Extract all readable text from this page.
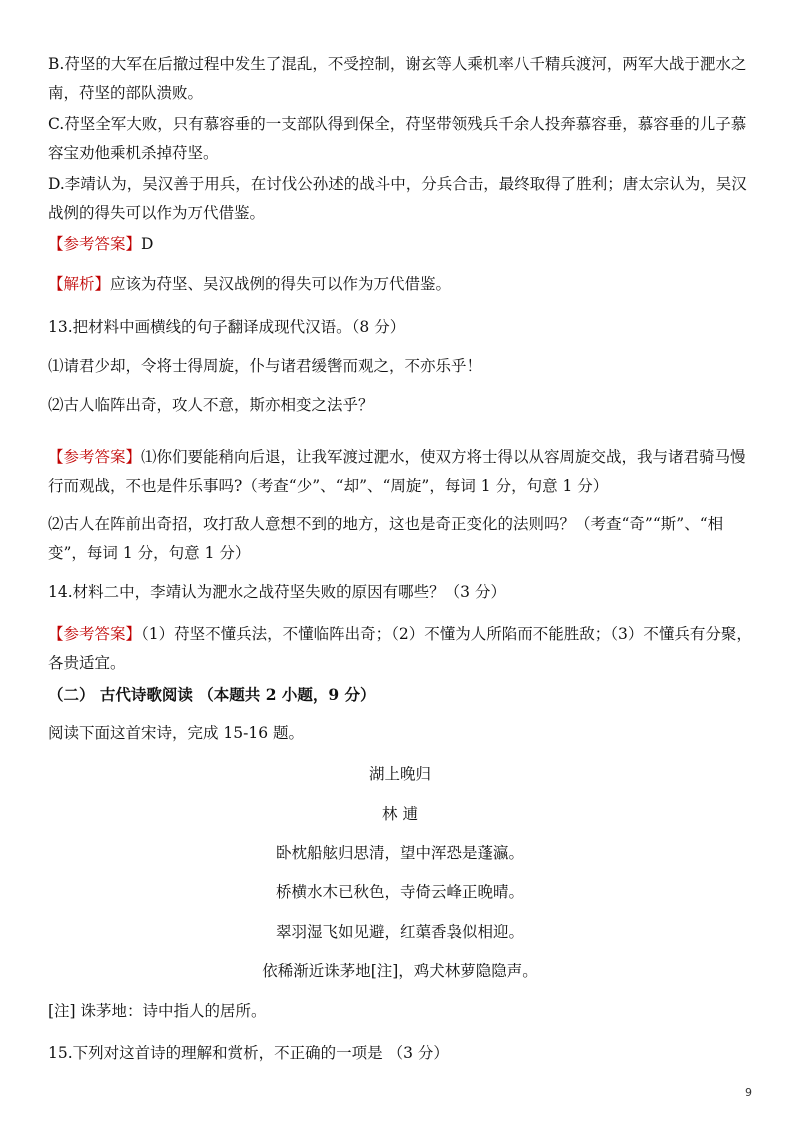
B.苻坚的大军在后撤过程中发生了混乱，不受控制，谢玄等人乘机率八千精兵渡河，两军大战于淝水之南，苻坚的部队溃败。

C.苻坚全军大败，只有慕容垂的一支部队得到保全，苻坚带领残兵千余人投奔慕容垂，慕容垂的儿子慕容宝劝他乘机杀掉苻坚。

D.李靖认为，吴汉善于用兵，在讨伐公孙述的战斗中，分兵合击，最终取得了胜利；唐太宗认为，吴汉战例的得失可以作为万代借鉴。

【参考答案】D

【解析】应该为苻坚、吴汉战例的得失可以作为万代借鉴。

13.把材料中画横线的句子翻译成现代汉语。（8 分）

⑴请君少却，令将士得周旋，仆与诸君缓辔而观之，不亦乐乎！

⑵古人临阵出奇，攻人不意，斯亦相变之法乎？

【参考答案】⑴你们要能稍向后退，让我军渡过淝水，使双方将士得以从容周旋交战，我与诸君骑马慢行而观战，不也是件乐事吗?（考查“少”、“却”、“周旋”，每词 1 分，句意 1 分）

⑵古人在阵前出奇招，攻打敌人意想不到的地方，这也是奇正变化的法则吗？（考查“奇”“斯”、“相变”，每词 1 分，句意 1 分）

14.材料二中，李靖认为淝水之战苻坚失败的原因有哪些？（3 分）

【参考答案】（1）苻坚不懂兵法，不懂临阵出奇；（2）不懂为人所陷而不能胜敌；（3）不懂兵有分聚，各贵适宜。

（二） 古代诗歌阅读 （本题共 2 小题，9 分）

阅读下面这首宋诗，完成 15-16 题。

湖上晚归

林 逋

卧枕船舷归思清，望中浑恐是蓬瀛。

桥横水木已秋色，寺倚云峰正晚晴。

翠羽湿飞如见避，红蕖香袅似相迎。

依稀渐近诛茅地[注]，鸡犬林萝隐隐声。

[注] 诛茅地：诗中指人的居所。

15.下列对这首诗的理解和赏析，不正确的一项是 （3 分）

9
